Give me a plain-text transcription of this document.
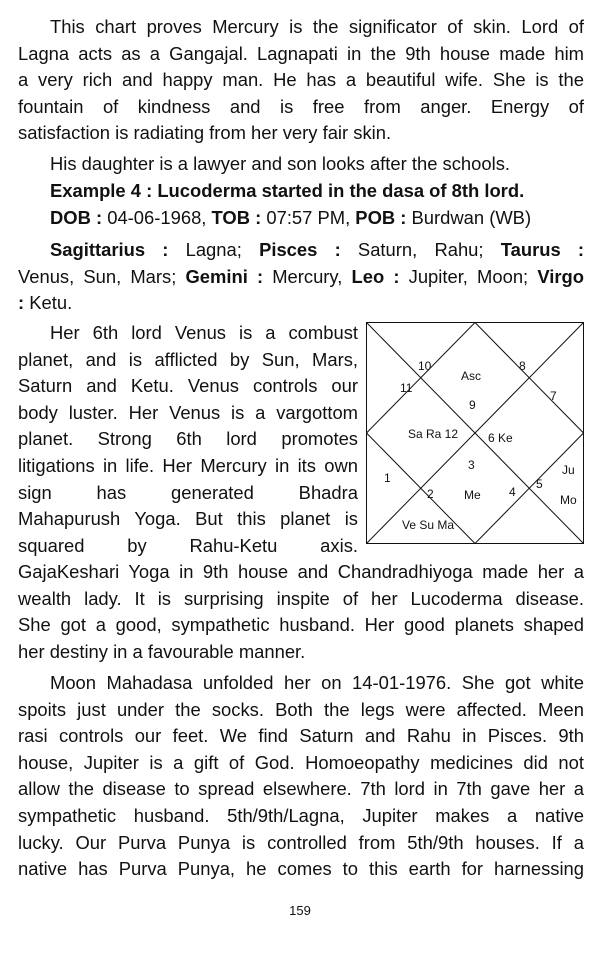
This chart proves Mercury is the significator of skin. Lord of
Lagna acts as a Gangajal. Lagnapati in the 9th house made him
a very rich and happy man. He has a beautiful wife. She is the
fountain of kindness and is free from anger. Energy of
satisfaction is radiating from her very fair skin.
His daughter is a lawyer and son looks after the schools.
Example 4 : Lucoderma started in the dasa of 8th lord.
DOB : 04-06-1968, TOB : 07:57 PM, POB : Burdwan (WB)
Sagittarius : Lagna; Pisces : Saturn, Rahu; Taurus :
Venus, Sun, Mars; Gemini : Mercury, Leo : Jupiter, Moon; Virgo
: Ketu.
Her 6th lord Venus is a combust
planet, and is afflicted by Sun, Mars,
Saturn and Ketu. Venus controls our
body luster. Her Venus is a vargottom
planet. Strong 6th lord promotes
litigations in life. Her Mercury in its own
sign has generated Bhadra
Mahapurush Yoga. But this planet is
squared by Rahu-Ketu axis.
10
Asc
8
11
7
9
Sa Ra 12 6 Ke
3
1
Ju
5
2	Me 4
Mo
Ve Su Ma
GajaKeshari Yoga in 9th house and Chandradhiyoga made her a
wealth lady. It is surprising inspite of her Lucoderma disease.
She got a good, sympathetic husband. Her good planets shaped
her destiny in a favourable manner.
Moon Mahadasa unfolded her on 14-01-1976. She got white
spoits just under the socks. Both the legs were affected. Meen
rasi controls our feet. We find Saturn and Rahu in Pisces. 9th
house, Jupiter is a gift of God. Homoeopathy medicines did not
allow the disease to spread elsewhere. 7th lord in 7th gave her a
sympathetic husband. 5th/9th/Lagna, Jupiter makes a native
lucky. Our Purva Punya is controlled from 5th/9th houses. If a
native has Purva Punya, he comes to this earth for harnessing
159
